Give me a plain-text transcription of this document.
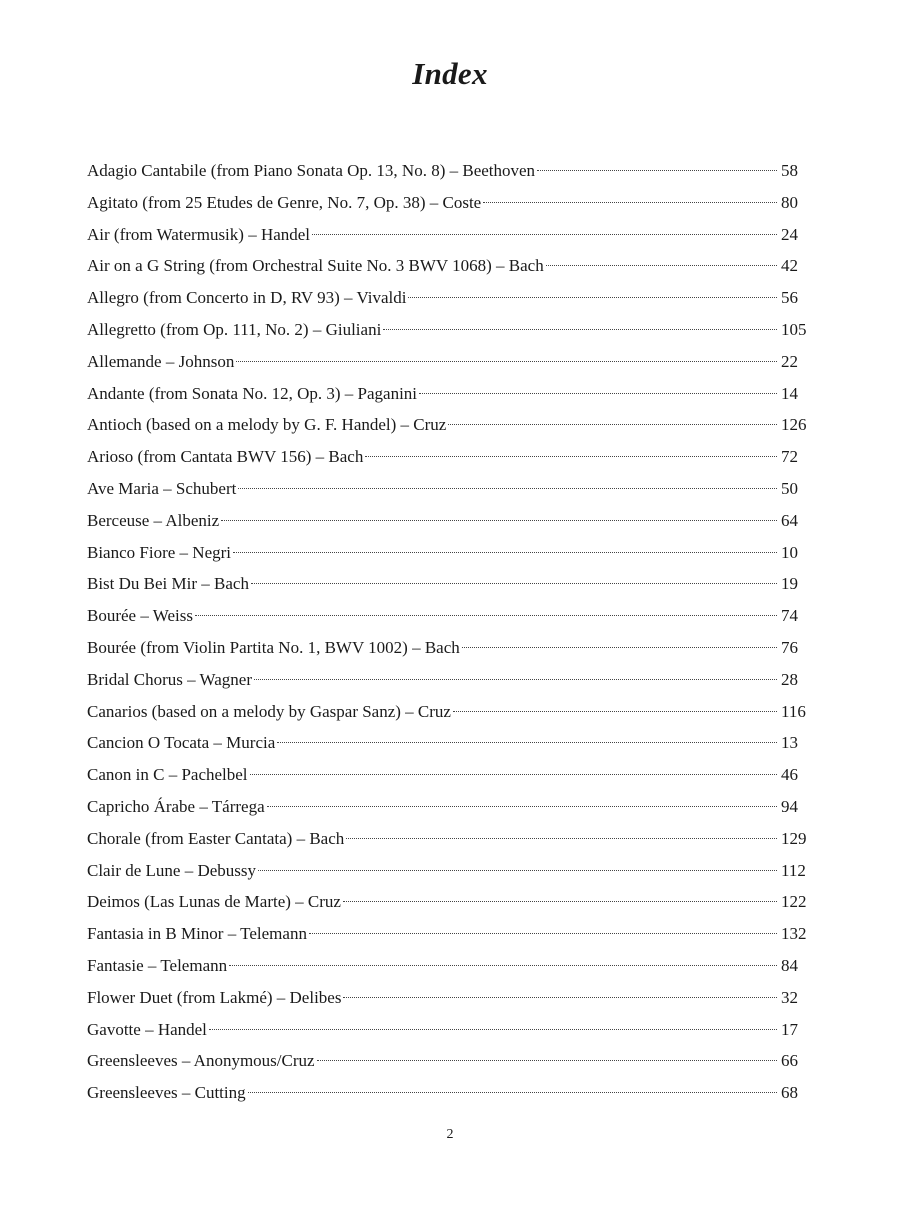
Index
Adagio Cantabile (from Piano Sonata Op. 13, No. 8) – Beethoven	58
Agitato (from 25 Etudes de Genre, No. 7, Op. 38) – Coste	80
Air (from Watermusik) – Handel	24
Air on a G String (from Orchestral Suite No. 3 BWV 1068) – Bach	42
Allegro (from Concerto in D, RV 93) – Vivaldi	56
Allegretto (from Op. 111, No. 2) – Giuliani	105
Allemande – Johnson	22
Andante (from Sonata No. 12, Op. 3) – Paganini	14
Antioch (based on a melody by G. F. Handel) – Cruz	126
Arioso (from Cantata BWV 156) – Bach	72
Ave Maria – Schubert	50
Berceuse – Albeniz	64
Bianco Fiore – Negri	10
Bist Du Bei Mir – Bach	19
Bourée – Weiss	74
Bourée (from Violin Partita No. 1, BWV 1002) – Bach	76
Bridal Chorus – Wagner	28
Canarios (based on a melody by Gaspar Sanz) – Cruz	116
Cancion O Tocata – Murcia	13
Canon in C – Pachelbel	46
Capricho Árabe – Tárrega	94
Chorale (from Easter Cantata) – Bach	129
Clair de Lune – Debussy	112
Deimos (Las Lunas de Marte) – Cruz	122
Fantasia in B Minor – Telemann	132
Fantasie – Telemann	84
Flower Duet (from Lakmé) – Delibes	32
Gavotte – Handel	17
Greensleeves – Anonymous/Cruz	66
Greensleeves – Cutting	68

2
